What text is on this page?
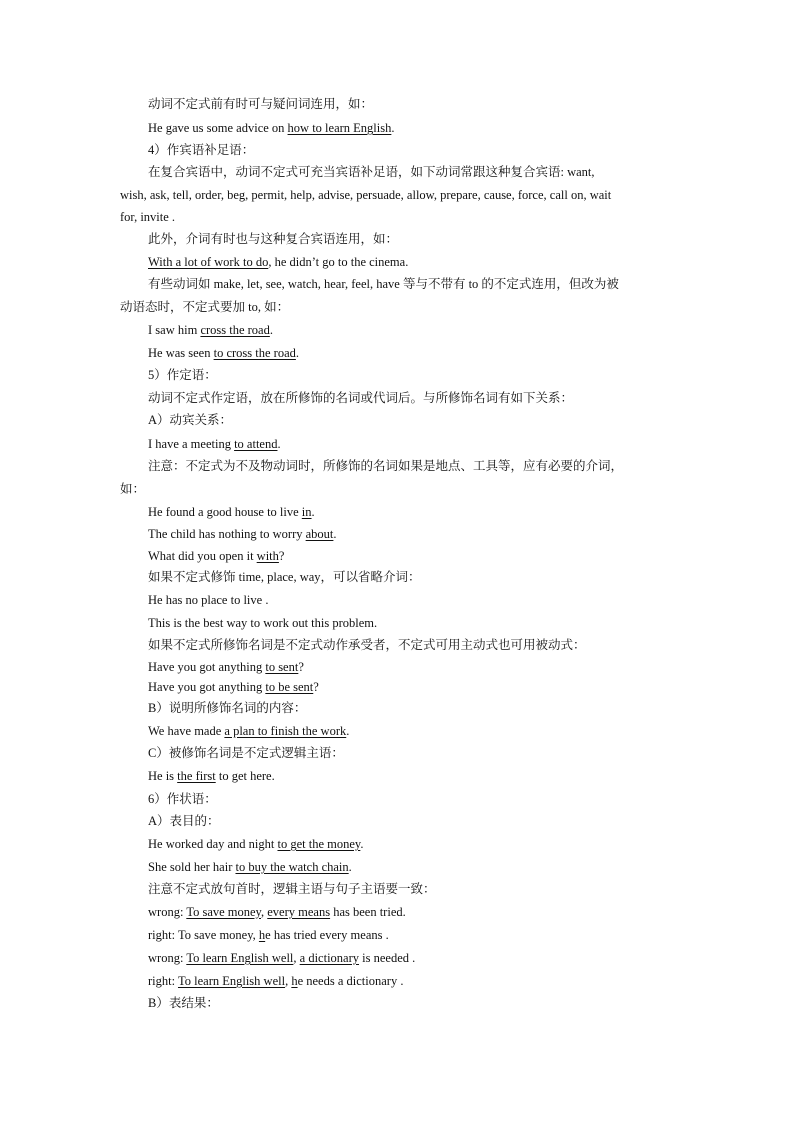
动词不定式前有时可与疑问词连用，如：
He gave us some advice on how to learn English.
4）作宾语补足语：
在复合宾语中，动词不定式可充当宾语补足语，如下动词常跟这种复合宾语: want,
wish, ask, tell, order, beg, permit, help, advise, persuade, allow, prepare, cause, force, call on, wait
for, invite .
此外，介词有时也与这种复合宾语连用，如：
With a lot of work to do, he didn’t go to the cinema.
有些动词如 make, let, see, watch, hear, feel, have 等与不带有 to 的不定式连用，但改为被
动语态时，不定式要加 to, 如：
I saw him cross the road.
He was seen to cross the road.
5）作定语：
动词不定式作定语，放在所修饰的名词或代词后。与所修饰名词有如下关系：
A）动宾关系：
I have a meeting to attend.
注意：不定式为不及物动词时，所修饰的名词如果是地点、工具等，应有必要的介词，
如：
He found a good house to live in.
The child has nothing to worry about.
What did you open it with?
如果不定式修饰 time, place, way，可以省略介词：
He has no place to live .
This is the best way to work out this problem.
如果不定式所修饰名词是不定式动作承受者，不定式可用主动式也可用被动式：
Have you got anything to sent?
Have you got anything to be sent?
B）说明所修饰名词的内容：
We have made a plan to finish the work.
C）被修饰名词是不定式逻辑主语：
He is the first to get here.
6）作状语：
A）表目的：
He worked day and night to get the money.
She sold her hair to buy the watch chain.
注意不定式放句首时，逻辑主语与句子主语要一致：
wrong: To save money, every means has been tried.
right: To save money, he has tried every means .
wrong: To learn English well, a dictionary is needed .
right: To learn English well, he needs a dictionary .
B）表结果：
